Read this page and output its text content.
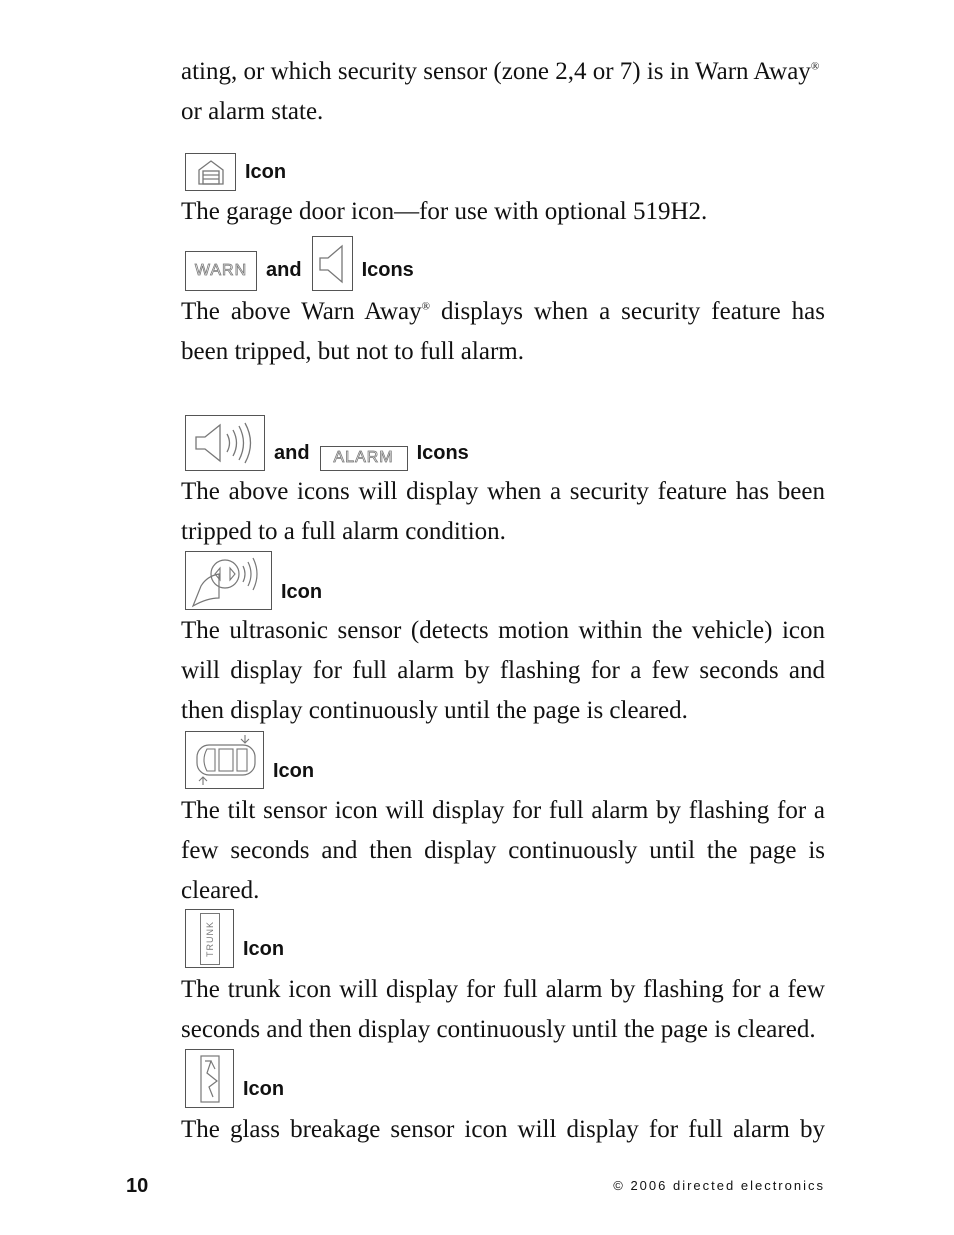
ating, or which security sensor (zone 2,4 or 7) is in Warn Away®
or alarm state.

Icon

The garage door icon—for use with optional 519H2.

WARN and	Icons

The above Warn Away® displays when a security feature has been tripped, but not to full alarm.

and ALARM Icons

The above icons will display when a security feature has been tripped to a full alarm condition.

Icon

The ultrasonic sensor (detects motion within the vehicle) icon will display for full alarm by flashing for a few seconds and then display continuously until the page is cleared.

Icon

The tilt sensor icon will display for full alarm by flashing for a few seconds and then display continuously until the page is cleared.

TRUNK Icon

The trunk icon will display for full alarm by flashing for a few seconds and then display continuously until the page is cleared.

Icon

The glass breakage sensor icon will display for full alarm by

10	© 2006 directed electronics
